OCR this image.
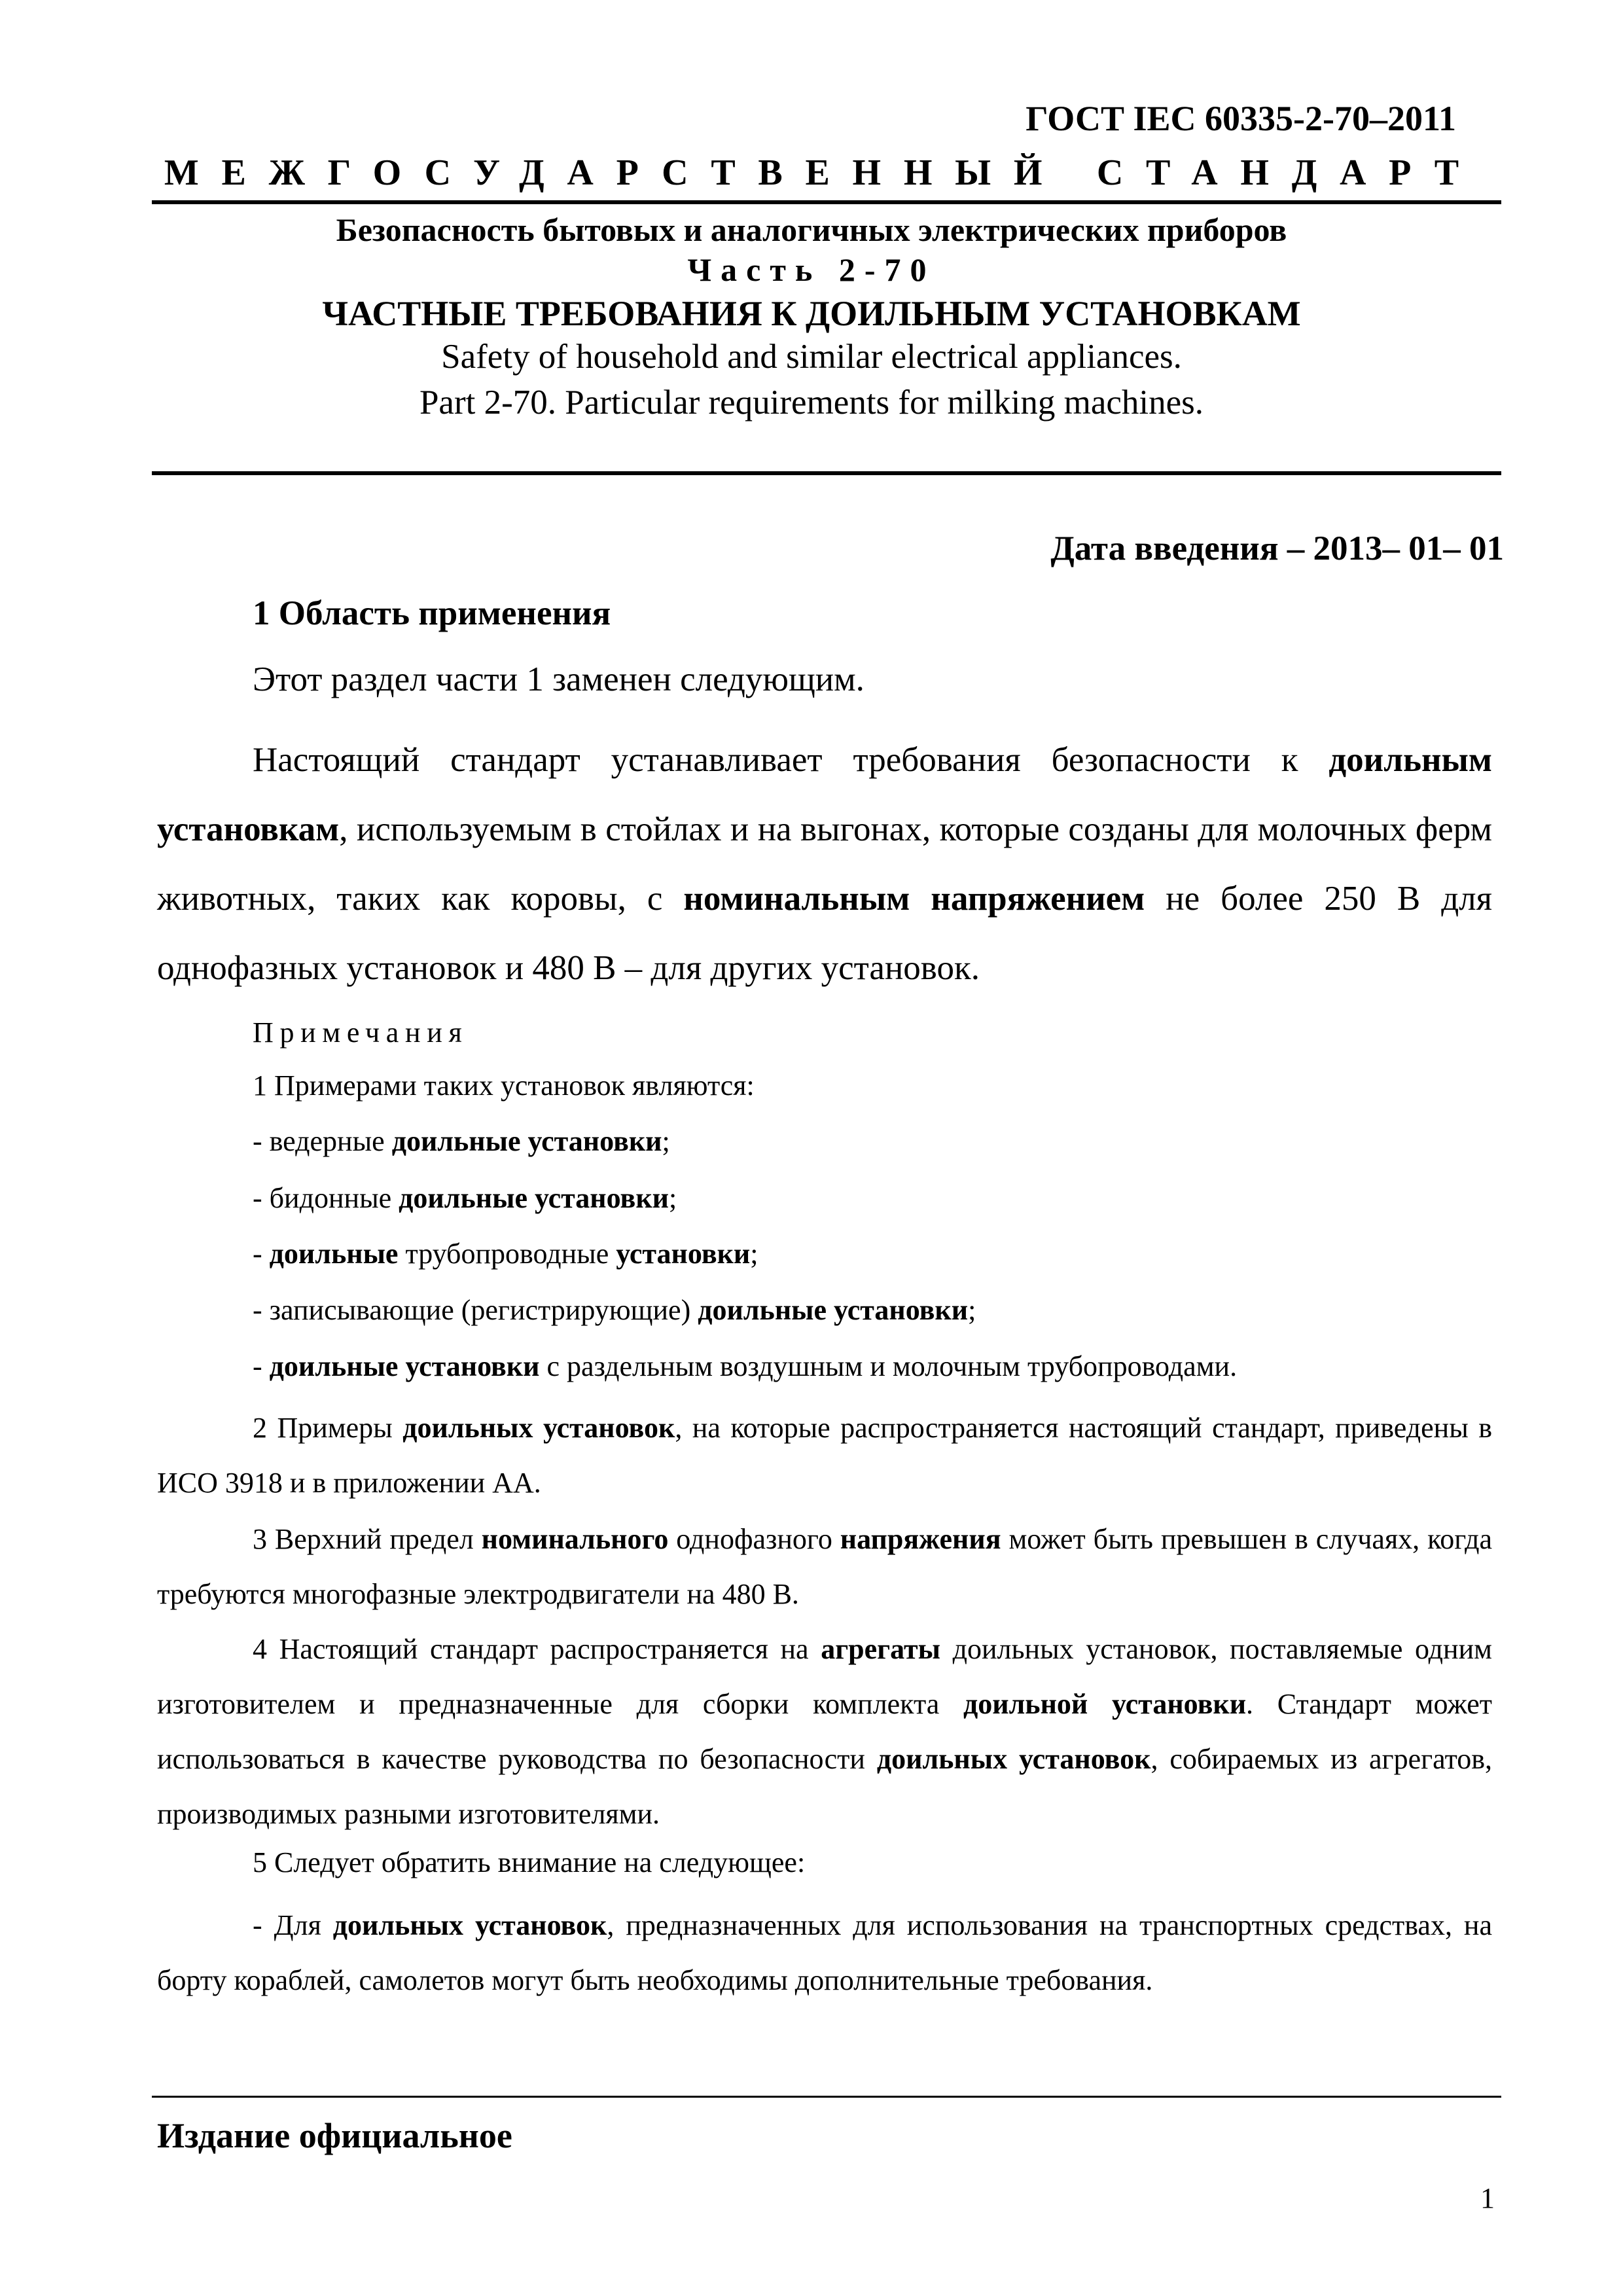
ГОСТ IEC 60335-2-70–2011
МЕЖГОСУДАРСТВЕННЫЙ СТАНДАРТ
Безопасность бытовых и аналогичных электрических приборов
Часть 2-70
ЧАСТНЫЕ ТРЕБОВАНИЯ К ДОИЛЬНЫМ УСТАНОВКАМ
Safety of household and similar electrical appliances.
Part 2-70. Particular requirements for milking machines.
Дата введения – 2013– 01– 01
1 Область применения
Этот раздел части 1 заменен следующим.
Настоящий стандарт устанавливает требования безопасности к доильным установкам, используемым в стойлах и на выгонах, которые созданы для молочных ферм животных, таких как коровы, с номинальным напряжением не более 250 В для однофазных установок и 480 В – для других установок.
Примечания
1 Примерами таких установок являются:
- ведерные доильные установки;
- бидонные доильные установки;
- доильные трубопроводные установки;
- записывающие (регистрирующие) доильные установки;
- доильные установки с раздельным воздушным и молочным трубопроводами.
2 Примеры доильных установок, на которые распространяется настоящий стандарт, приведены в ИСО 3918 и в приложении АА.
3 Верхний предел номинального однофазного напряжения может быть превышен в случаях, когда требуются многофазные электродвигатели на 480 В.
4 Настоящий стандарт распространяется на агрегаты доильных установок, поставляемые одним изготовителем и предназначенные для сборки комплекта доильной установки. Стандарт может использоваться в качестве руководства по безопасности доильных установок, собираемых из агрегатов, производимых разными изготовителями.
5 Следует обратить внимание на следующее:
- Для доильных установок, предназначенных для использования на транспортных средствах, на борту кораблей, самолетов могут быть необходимы дополнительные требования.
Издание официальное
1
